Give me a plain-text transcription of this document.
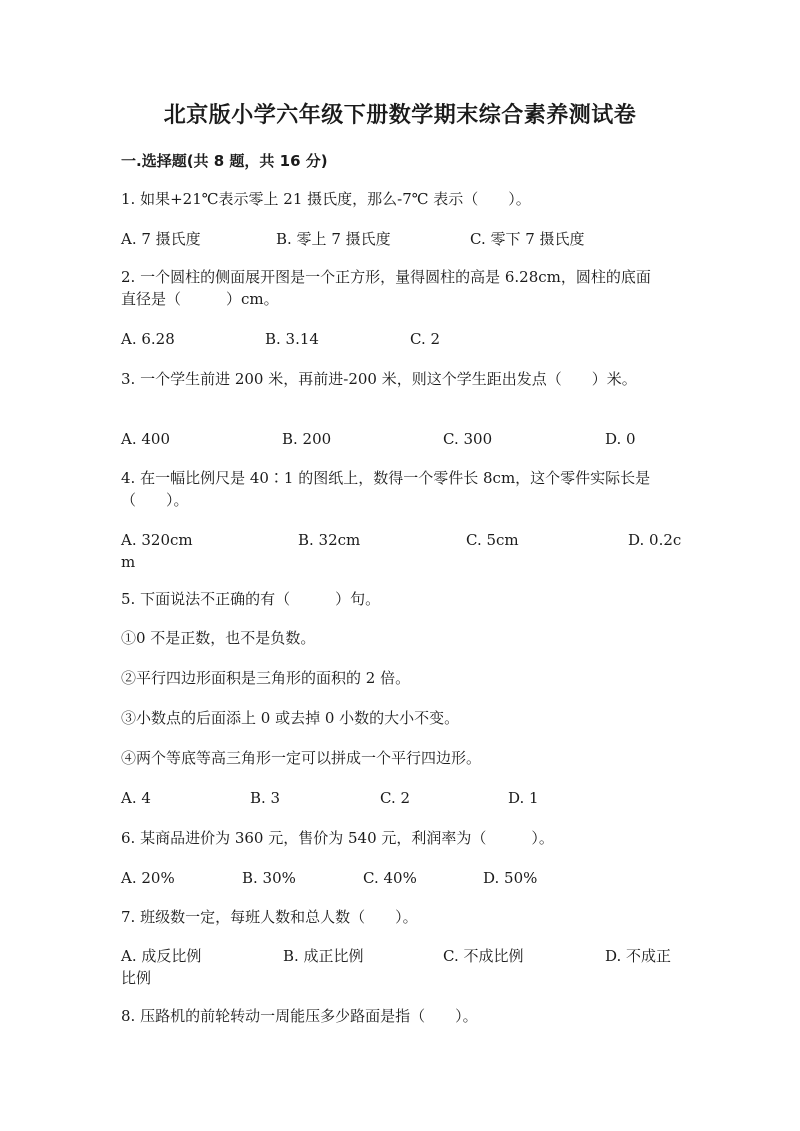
北京版小学六年级下册数学期末综合素养测试卷
一.选择题(共 8 题，共 16 分)
1. 如果+21℃表示零上 21 摄氏度，那么-7℃ 表示（　　）。
A. 7 摄氏度	B. 零上 7 摄氏度	C. 零下 7 摄氏度
2. 一个圆柱的侧面展开图是一个正方形，量得圆柱的高是 6.28cm，圆柱的底面
直径是（　　　）cm。
A. 6.28	B. 3.14	C. 2
3. 一个学生前进 200 米，再前进-200 米，则这个学生距出发点（　　）米。
A. 400	B. 200	C. 300	D. 0
4. 在一幅比例尺是 40∶1 的图纸上，数得一个零件长 8cm，这个零件实际长是
（　　）。
A. 320cm	B. 32cm	C. 5cm	D. 0.2c
m
5. 下面说法不正确的有（　　　）句。
①0 不是正数，也不是负数。
②平行四边形面积是三角形的面积的 2 倍。
③小数点的后面添上 0 或去掉 0 小数的大小不变。
④两个等底等高三角形一定可以拼成一个平行四边形。
A. 4	B. 3	C. 2	D. 1
6. 某商品进价为 360 元，售价为 540 元，利润率为（　　　）。
A. 20%	B. 30%	C. 40%	D. 50%
7. 班级数一定，每班人数和总人数（　　）。
A. 成反比例	B. 成正比例	C. 不成比例	D. 不成正
比例
8. 压路机的前轮转动一周能压多少路面是指（　　）。
